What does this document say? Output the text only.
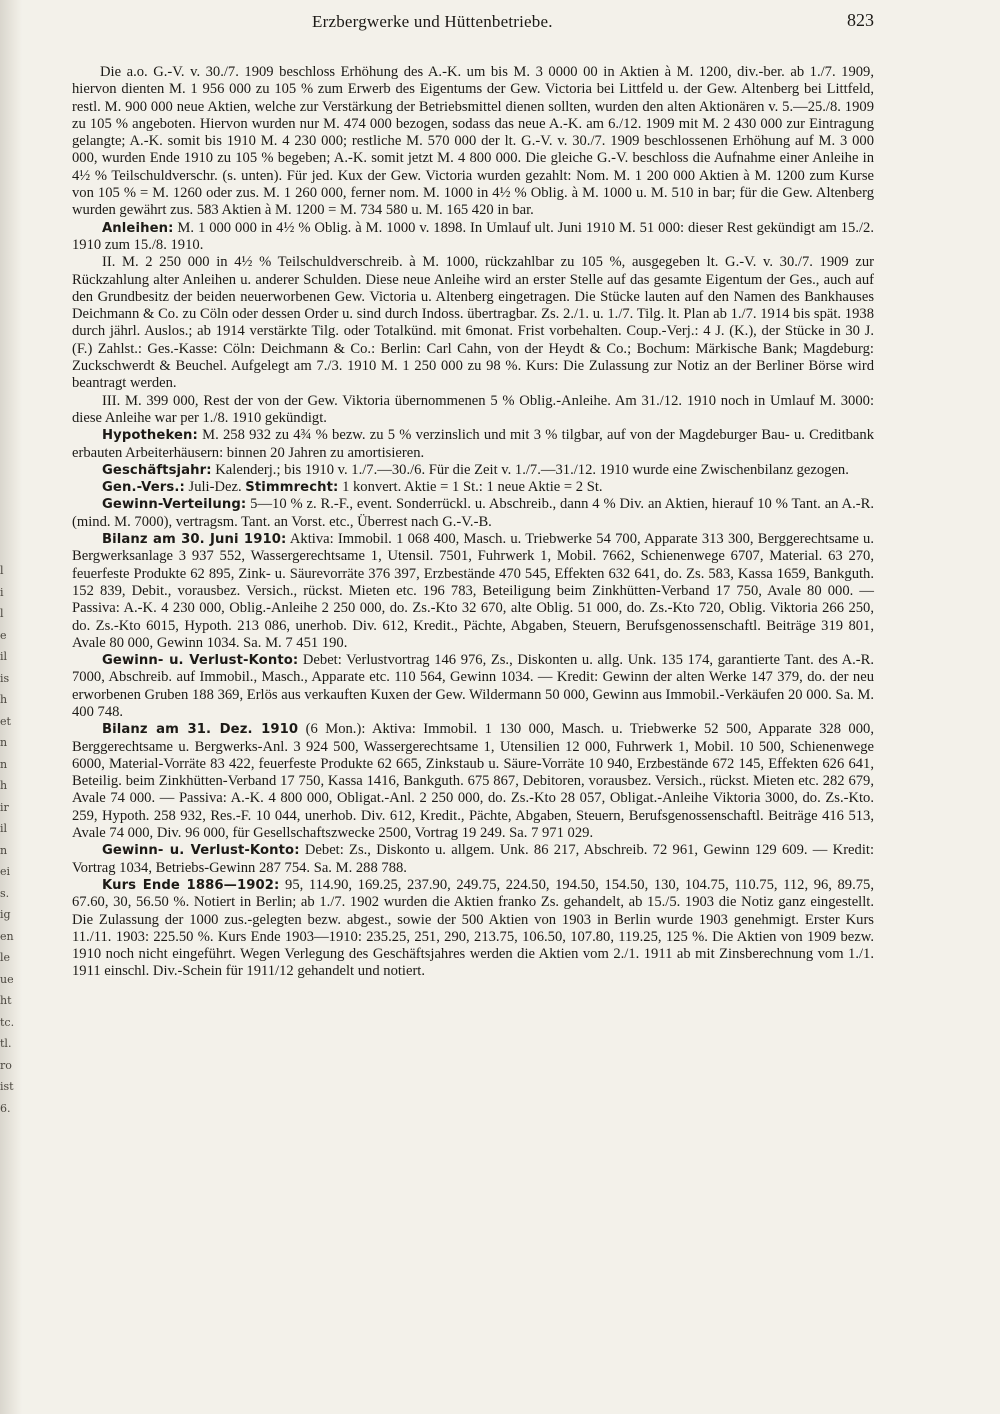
l
i
l
e
il
is
h
et
n
n
h
ir
il
n
ei
s.
ig
en
le
ue
ht
tc.
tl.
ro
ist
6.
Erzbergwerke und Hüttenbetriebe.	823

Die a.o. G.-V. v. 30./7. 1909 beschloss Erhöhung des A.-K. um bis M. 3 0000 00 in Aktien à M. 1200, div.-ber. ab 1./7. 1909, hiervon dienten M. 1 956 000 zu 105 % zum Erwerb des Eigentums der Gew. Victoria bei Littfeld u. der Gew. Altenberg bei Littfeld, restl. M. 900 000 neue Aktien, welche zur Verstärkung der Betriebsmittel dienen sollten, wurden den alten Aktionären v. 5.—25./8. 1909 zu 105 % angeboten. Hiervon wurden nur M. 474 000 bezogen, sodass das neue A.-K. am 6./12. 1909 mit M. 2 430 000 zur Eintragung gelangte; A.-K. somit bis 1910 M. 4 230 000; restliche M. 570 000 der lt. G.-V. v. 30./7. 1909 beschlossenen Erhöhung auf M. 3 000 000, wurden Ende 1910 zu 105 % begeben; A.-K. somit jetzt M. 4 800 000. Die gleiche G.-V. beschloss die Aufnahme einer Anleihe in 4½ % Teilschuldverschr. (s. unten). Für jed. Kux der Gew. Victoria wurden gezahlt: Nom. M. 1 200 000 Aktien à M. 1200 zum Kurse von 105 % = M. 1260 oder zus. M. 1 260 000, ferner nom. M. 1000 in 4½ % Oblig. à M. 1000 u. M. 510 in bar; für die Gew. Altenberg wurden gewährt zus. 583 Aktien à M. 1200 = M. 734 580 u. M. 165 420 in bar.

Anleihen: M. 1 000 000 in 4½ % Oblig. à M. 1000 v. 1898. In Umlauf ult. Juni 1910 M. 51 000: dieser Rest gekündigt am 15./2. 1910 zum 15./8. 1910.

II. M. 2 250 000 in 4½ % Teilschuldverschreib. à M. 1000, rückzahlbar zu 105 %, ausgegeben lt. G.-V. v. 30./7. 1909 zur Rückzahlung alter Anleihen u. anderer Schulden. Diese neue Anleihe wird an erster Stelle auf das gesamte Eigentum der Ges., auch auf den Grundbesitz der beiden neuerworbenen Gew. Victoria u. Altenberg eingetragen. Die Stücke lauten auf den Namen des Bankhauses Deichmann & Co. zu Cöln oder dessen Order u. sind durch Indoss. übertragbar. Zs. 2./1. u. 1./7. Tilg. lt. Plan ab 1./7. 1914 bis spät. 1938 durch jährl. Auslos.; ab 1914 verstärkte Tilg. oder Totalkünd. mit 6monat. Frist vorbehalten. Coup.-Verj.: 4 J. (K.), der Stücke in 30 J. (F.) Zahlst.: Ges.-Kasse: Cöln: Deichmann & Co.: Berlin: Carl Cahn, von der Heydt & Co.; Bochum: Märkische Bank; Magdeburg: Zuckschwerdt & Beuchel. Aufgelegt am 7./3. 1910 M. 1 250 000 zu 98 %. Kurs: Die Zulassung zur Notiz an der Berliner Börse wird beantragt werden.

III. M. 399 000, Rest der von der Gew. Viktoria übernommenen 5 % Oblig.-Anleihe. Am 31./12. 1910 noch in Umlauf M. 3000: diese Anleihe war per 1./8. 1910 gekündigt.

Hypotheken: M. 258 932 zu 4¾ % bezw. zu 5 % verzinslich und mit 3 % tilgbar, auf von der Magdeburger Bau- u. Creditbank erbauten Arbeiterhäusern: binnen 20 Jahren zu amortisieren.

Geschäftsjahr: Kalenderj.; bis 1910 v. 1./7.—30./6. Für die Zeit v. 1./7.—31./12. 1910 wurde eine Zwischenbilanz gezogen.

Gen.-Vers.: Juli-Dez. Stimmrecht: 1 konvert. Aktie = 1 St.: 1 neue Aktie = 2 St.

Gewinn-Verteilung: 5—10 % z. R.-F., event. Sonderrückl. u. Abschreib., dann 4 % Div. an Aktien, hierauf 10 % Tant. an A.-R. (mind. M. 7000), vertragsm. Tant. an Vorst. etc., Überrest nach G.-V.-B.

Bilanz am 30. Juni 1910: Aktiva: Immobil. 1 068 400, Masch. u. Triebwerke 54 700, Apparate 313 300, Berggerechtsame u. Bergwerksanlage 3 937 552, Wassergerechtsame 1, Utensil. 7501, Fuhrwerk 1, Mobil. 7662, Schienenwege 6707, Material. 63 270, feuerfeste Produkte 62 895, Zink- u. Säurevorräte 376 397, Erzbestände 470 545, Effekten 632 641, do. Zs. 583, Kassa 1659, Bankguth. 152 839, Debit., vorausbez. Versich., rückst. Mieten etc. 196 783, Beteiligung beim Zinkhütten-Verband 17 750, Avale 80 000. — Passiva: A.-K. 4 230 000, Oblig.-Anleihe 2 250 000, do. Zs.-Kto 32 670, alte Oblig. 51 000, do. Zs.-Kto 720, Oblig. Viktoria 266 250, do. Zs.-Kto 6015, Hypoth. 213 086, unerhob. Div. 612, Kredit., Pächte, Abgaben, Steuern, Berufsgenossenschaftl. Beiträge 319 801, Avale 80 000, Gewinn 1034. Sa. M. 7 451 190.

Gewinn- u. Verlust-Konto: Debet: Verlustvortrag 146 976, Zs., Diskonten u. allg. Unk. 135 174, garantierte Tant. des A.-R. 7000, Abschreib. auf Immobil., Masch., Apparate etc. 110 564, Gewinn 1034. — Kredit: Gewinn der alten Werke 147 379, do. der neu erworbenen Gruben 188 369, Erlös aus verkauften Kuxen der Gew. Wildermann 50 000, Gewinn aus Immobil.-Verkäufen 20 000. Sa. M. 400 748.

Bilanz am 31. Dez. 1910 (6 Mon.): Aktiva: Immobil. 1 130 000, Masch. u. Triebwerke 52 500, Apparate 328 000, Berggerechtsame u. Bergwerks-Anl. 3 924 500, Wassergerechtsame 1, Utensilien 12 000, Fuhrwerk 1, Mobil. 10 500, Schienenwege 6000, Material-Vorräte 83 422, feuerfeste Produkte 62 665, Zinkstaub u. Säure-Vorräte 10 940, Erzbestände 672 145, Effekten 626 641, Beteilig. beim Zinkhütten-Verband 17 750, Kassa 1416, Bankguth. 675 867, Debitoren, vorausbez. Versich., rückst. Mieten etc. 282 679, Avale 74 000. — Passiva: A.-K. 4 800 000, Obligat.-Anl. 2 250 000, do. Zs.-Kto 28 057, Obligat.-Anleihe Viktoria 3000, do. Zs.-Kto. 259, Hypoth. 258 932, Res.-F. 10 044, unerhob. Div. 612, Kredit., Pächte, Abgaben, Steuern, Berufsgenossenschaftl. Beiträge 416 513, Avale 74 000, Div. 96 000, für Gesellschaftszwecke 2500, Vortrag 19 249. Sa. 7 971 029.

Gewinn- u. Verlust-Konto: Debet: Zs., Diskonto u. allgem. Unk. 86 217, Abschreib. 72 961, Gewinn 129 609. — Kredit: Vortrag 1034, Betriebs-Gewinn 287 754. Sa. M. 288 788.

Kurs Ende 1886—1902: 95, 114.90, 169.25, 237.90, 249.75, 224.50, 194.50, 154.50, 130, 104.75, 110.75, 112, 96, 89.75, 67.60, 30, 56.50 %. Notiert in Berlin; ab 1./7. 1902 wurden die Aktien franko Zs. gehandelt, ab 15./5. 1903 die Notiz ganz eingestellt. Die Zulassung der 1000 zus.-gelegten bezw. abgest., sowie der 500 Aktien von 1903 in Berlin wurde 1903 genehmigt. Erster Kurs 11./11. 1903: 225.50 %. Kurs Ende 1903—1910: 235.25, 251, 290, 213.75, 106.50, 107.80, 119.25, 125 %. Die Aktien von 1909 bezw. 1910 noch nicht eingeführt. Wegen Verlegung des Geschäftsjahres werden die Aktien vom 2./1. 1911 ab mit Zinsberechnung vom 1./1. 1911 einschl. Div.-Schein für 1911/12 gehandelt und notiert.
